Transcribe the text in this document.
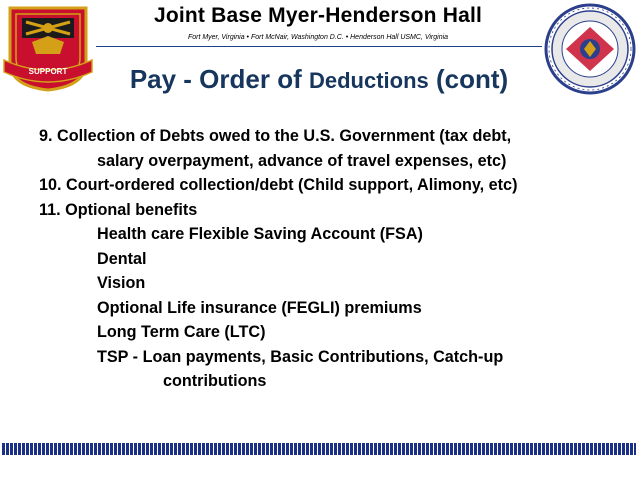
SUPPORT
Joint Base Myer-Henderson Hall
Fort Myer, Virginia • Fort McNair, Washington D.C. • Henderson Hall USMC, Virginia
Pay - Order of Deductions (cont)
9. Collection of Debts owed to the U.S. Government (tax debt,
salary overpayment, advance of travel expenses, etc)
10. Court-ordered collection/debt (Child support, Alimony, etc)
11. Optional benefits
Health care Flexible Saving Account (FSA)
Dental
Vision
Optional Life insurance (FEGLI) premiums
Long Term Care (LTC)
TSP - Loan payments, Basic Contributions, Catch-up
contributions
